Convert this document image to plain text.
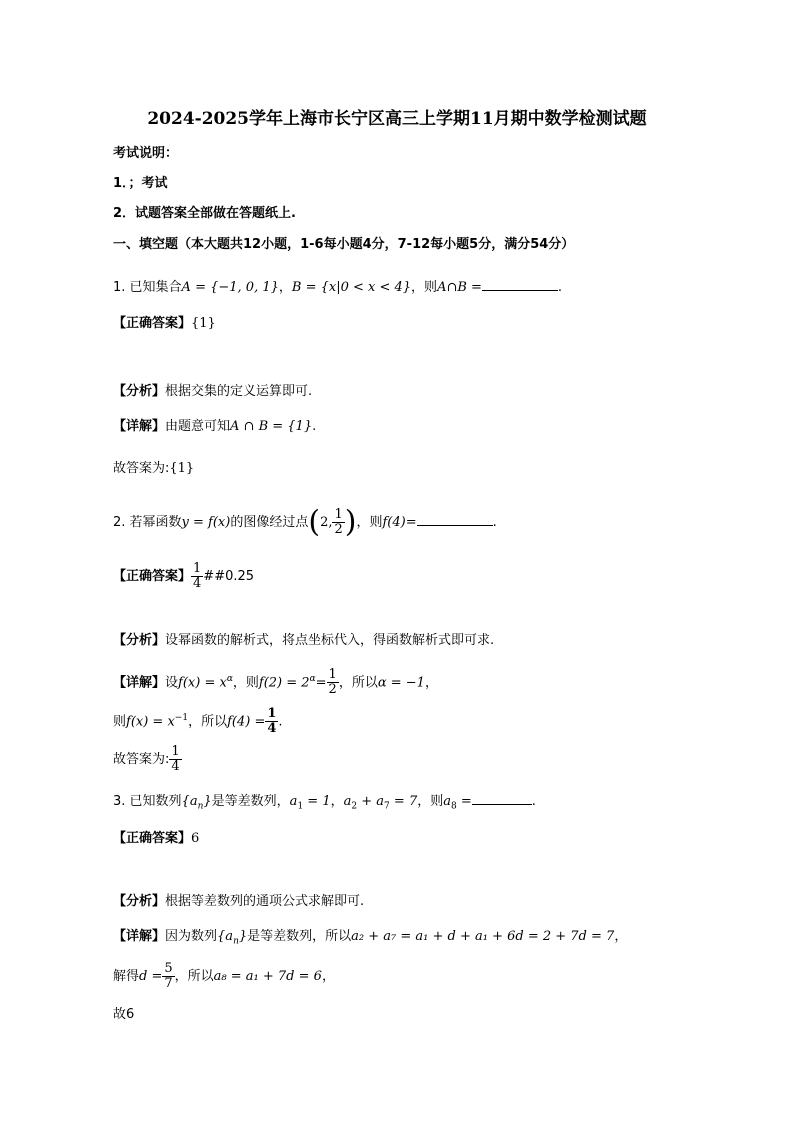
2024-2025学年上海市长宁区高三上学期11月期中数学检测试题
考试说明：
1．；考试
2．试题答案全部做在答题纸上.
一、填空题（本大题共12小题，1-6每小题4分，7-12每小题5分，满分54分）
1. 已知集合A = {−1, 0, 1}，B = {x|0 < x < 4}，则A∩B =	.
【正确答案】{1}
【分析】根据交集的定义运算即可.
【详解】由题意可知A ∩ B = {1}.
故答案为:{1}
2. 若幂函数y = f(x)的图像经过点(2, $\frac{1}{2}$ )，则f(4)=	.
【正确答案】 $\frac{1}{4}$ ##0.25
【分析】设幂函数的解析式，将点坐标代入，得函数解析式即可求.
【详解】设$f(x) = x^\alpha$，则$f(2) = 2^\alpha= \frac{1}{2}$ ，所以α = −1，
则$f(x) = x^{-1}$，所以$f(4) = \frac{1}{4}$ .
故答案为: $\frac{1}{4}$
3. 已知数列$\{a_n\}$是等差数列，$a_1 = 1$，$a_2 + a_7 = 7$，则$a_8$ =	.
【正确答案】6
【分析】根据等差数列的通项公式求解即可.
【详解】因为数列$\{a_n\}$是等差数列，所以a₂ + a₇ = a₁ + d + a₁ + 6d = 2 + 7d = 7，
解得$d = \frac{5}{7}$ ，所以a₈ = a₁ + 7d = 6，
故6
